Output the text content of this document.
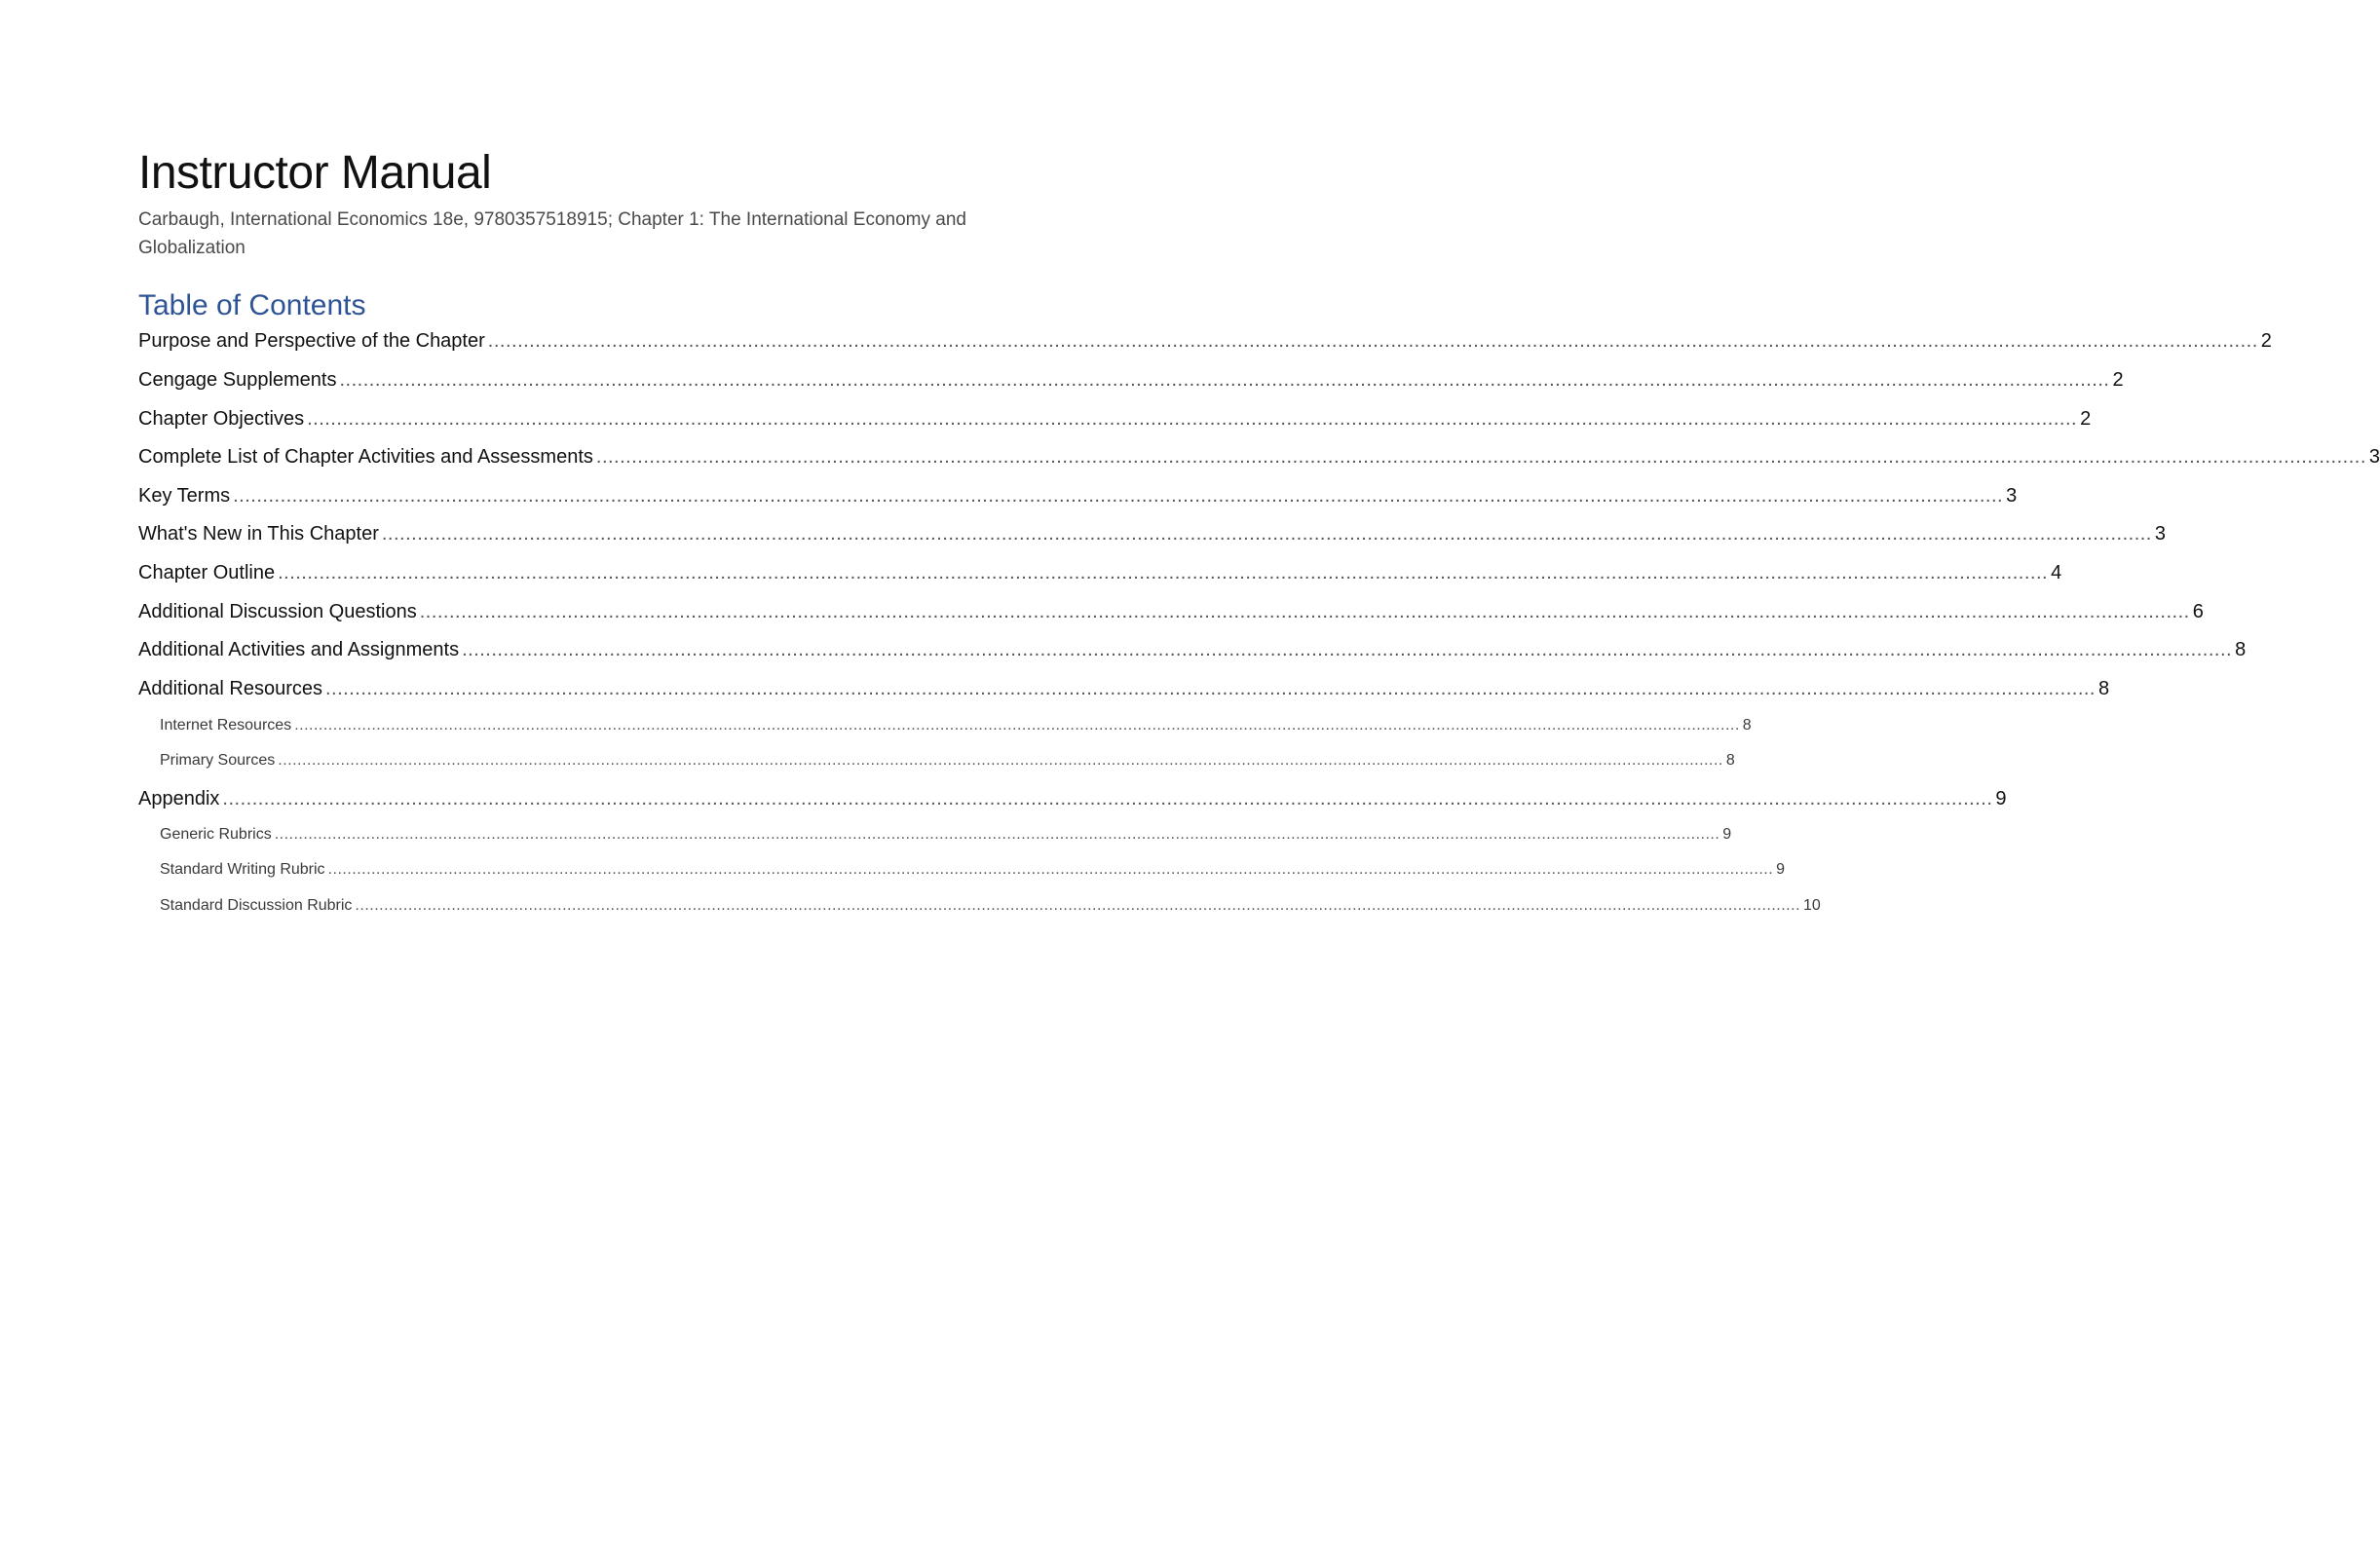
Instructor Manual

Carbaugh, International Economics 18e, 9780357518915; Chapter 1: The International Economy and Globalization

Table of Contents
Purpose and Perspective of the Chapter ............................................................................................................................................................................................................................................................................................................ 2
Cengage Supplements ............................................................................................................................................................................................................................................................................................................ 2
Chapter Objectives ............................................................................................................................................................................................................................................................................................................ 2
Complete List of Chapter Activities and Assessments ............................................................................................................................................................................................................................................................................................................ 3
Key Terms ............................................................................................................................................................................................................................................................................................................ 3
What's New in This Chapter ............................................................................................................................................................................................................................................................................................................ 3
Chapter Outline ............................................................................................................................................................................................................................................................................................................ 4
Additional Discussion Questions ............................................................................................................................................................................................................................................................................................................ 6
Additional Activities and Assignments ............................................................................................................................................................................................................................................................................................................ 8
Additional Resources ............................................................................................................................................................................................................................................................................................................ 8
Internet Resources ............................................................................................................................................................................................................................................................................................................ 8
Primary Sources ............................................................................................................................................................................................................................................................................................................ 8
Appendix ............................................................................................................................................................................................................................................................................................................ 9
Generic Rubrics ............................................................................................................................................................................................................................................................................................................ 9
Standard Writing Rubric ............................................................................................................................................................................................................................................................................................................ 9
Standard Discussion Rubric ............................................................................................................................................................................................................................................................................................................ 10
